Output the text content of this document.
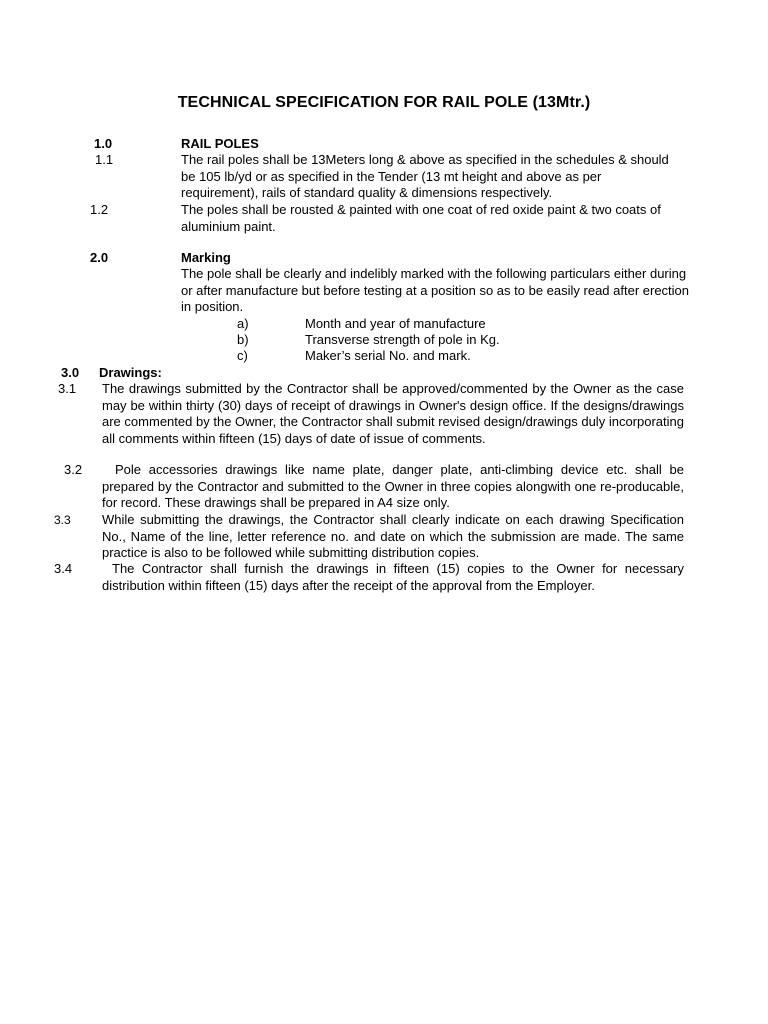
TECHNICAL SPECIFICATION FOR RAIL POLE (13Mtr.)
1.0	RAIL POLES
1.1	The rail poles shall be 13Meters long & above as specified in the schedules & should be 105 lb/yd or as specified in the Tender (13 mt height and above as per requirement), rails of standard quality & dimensions respectively.
1.2	The poles shall be rousted & painted with one coat of red oxide paint & two coats of aluminium paint.
2.0	Marking
The pole shall be clearly and indelibly marked with the following particulars either during or after manufacture but before testing at a position so as to be easily read after erection in position.
a)	Month and year of manufacture
b)	Transverse strength of pole in Kg.
c)	Maker’s serial No. and mark.
3.0 Drawings:
3.1 The drawings submitted by the Contractor shall be approved/commented by the Owner as the case may be within thirty (30) days of receipt of drawings in Owner's design office. If the designs/drawings are commented by the Owner, the Contractor shall submit revised design/drawings duly incorporating all comments within fifteen (15) days of date of issue of comments.
3.2	Pole accessories drawings like name plate, danger plate, anti-climbing device etc. shall be prepared by the Contractor and submitted to the Owner in three copies alongwith one re-producable, for record. These drawings shall be prepared in A4 size only.
3.3 While submitting the drawings, the Contractor shall clearly indicate on each drawing Specification No., Name of the line, letter reference no. and date on which the submission are made. The same practice is also to be followed while submitting distribution copies.
3.4	The Contractor shall furnish the drawings in fifteen (15) copies to the Owner for necessary distribution within fifteen (15) days after the receipt of the approval from the Employer.
